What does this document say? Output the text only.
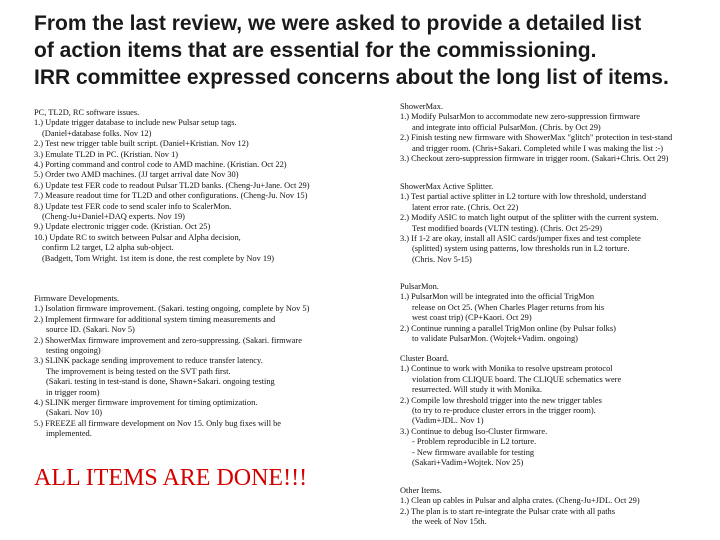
From the last review, we were asked to provide a detailed list
of action items that are essential for the commissioning.
IRR committee expressed concerns about the long list of items.
PC, TL2D, RC software issues.
1.) Update trigger database to include new Pulsar setup tags.
(Daniel+database folks. Nov 12)
2.) Test new trigger table built script. (Daniel+Kristian. Nov 12)
3.) Emulate TL2D in PC. (Kristian. Nov 1)
4.) Porting command and control code to AMD machine. (Kristian. Oct 22)
5.) Order two AMD machines. (JJ target arrival date Nov 30)
6.) Update test FER code to readout Pulsar TL2D banks. (Cheng-Ju+Jane. Oct 29)
7.) Measure readout time for TL2D and other configurations. (Cheng-Ju. Nov 15)
8.) Update test FER code to send scaler info to ScalerMon.
(Cheng-Ju+Daniel+DAQ experts. Nov 19)
9.) Update electronic trigger code. (Kristian. Oct 25)
10.) Update RC to switch between Pulsar and Alpha decision,
confirm L2 target, L2 alpha sub-object.
(Badgett, Tom Wright. 1st item is done, the rest complete by Nov 19)
Firmware Developments.
1.) Isolation firmware improvement. (Sakari. testing ongoing, complete by Nov 5)
2.) Implement firmware for additional system timing measurements and
source ID. (Sakari. Nov 5)
2.) ShowerMax firmware improvement and zero-suppressing. (Sakari. firmware
testing ongoing)
3.) SLINK package sending improvement to reduce transfer latency.
The improvement is being tested on the SVT path first.
(Sakari. testing in test-stand is done, Shawn+Sakari. ongoing testing
in trigger room)
4.) SLINK merger firmware improvement for timing optimization.
(Sakari. Nov 10)
5.) FREEZE all firmware development on Nov 15. Only bug fixes will be
implemented.
ALL ITEMS ARE DONE!!!
ShowerMax.
1.) Modify PulsarMon to accommodate new zero-suppression firmware
and integrate into official PulsarMon. (Chris. by Oct 29)
2.) Finish testing new firmware with ShowerMax "glitch" protection in test-stand
and trigger room. (Chris+Sakari. Completed while I was making the list :-)
3.) Checkout zero-suppression firmware in trigger room. (Sakari+Chris. Oct 29)
ShowerMax Active Splitter.
1.) Test partial active splitter in L2 torture with low threshold, understand
latent error rate. (Chris. Oct 22)
2.) Modify ASIC to match light output of the splitter with the current system.
Test modified boards (VLTN testing). (Chris. Oct 25-29)
3.) If 1-2 are okay, install all ASIC cards/jumper fixes and test complete
(splitted) system using patterns, low thresholds run in L2 torture.
(Chris. Nov 5-15)
PulsarMon.
1.) PulsarMon will be integrated into the official TrigMon
release on Oct 25. (When Charles Plager returns from his
west coast trip) (CP+Kaori. Oct 29)
2.) Continue running a parallel TrigMon online (by Pulsar folks)
to validate PulsarMon. (Wojtek+Vadim. ongoing)
Cluster Board.
1.) Continue to work with Monika to resolve upstream protocol
violation from CLIQUE board. The CLIQUE schematics were
resurrected. Will study it with Monika.
2.) Compile low threshold trigger into the new trigger tables
(to try to re-produce cluster errors in the trigger room).
(Vadim+JDL. Nov 1)
3.) Continue to debug Iso-Cluster firmware.
- Problem reproducible in L2 torture.
- New firmware available for testing
(Sakari+Vadim+Wojtek. Nov 25)
Other Items.
1.) Clean up cables in Pulsar and alpha crates. (Cheng-Ju+JDL. Oct 29)
2.) The plan is to start re-integrate the Pulsar crate with all paths
the week of Nov 15th.
